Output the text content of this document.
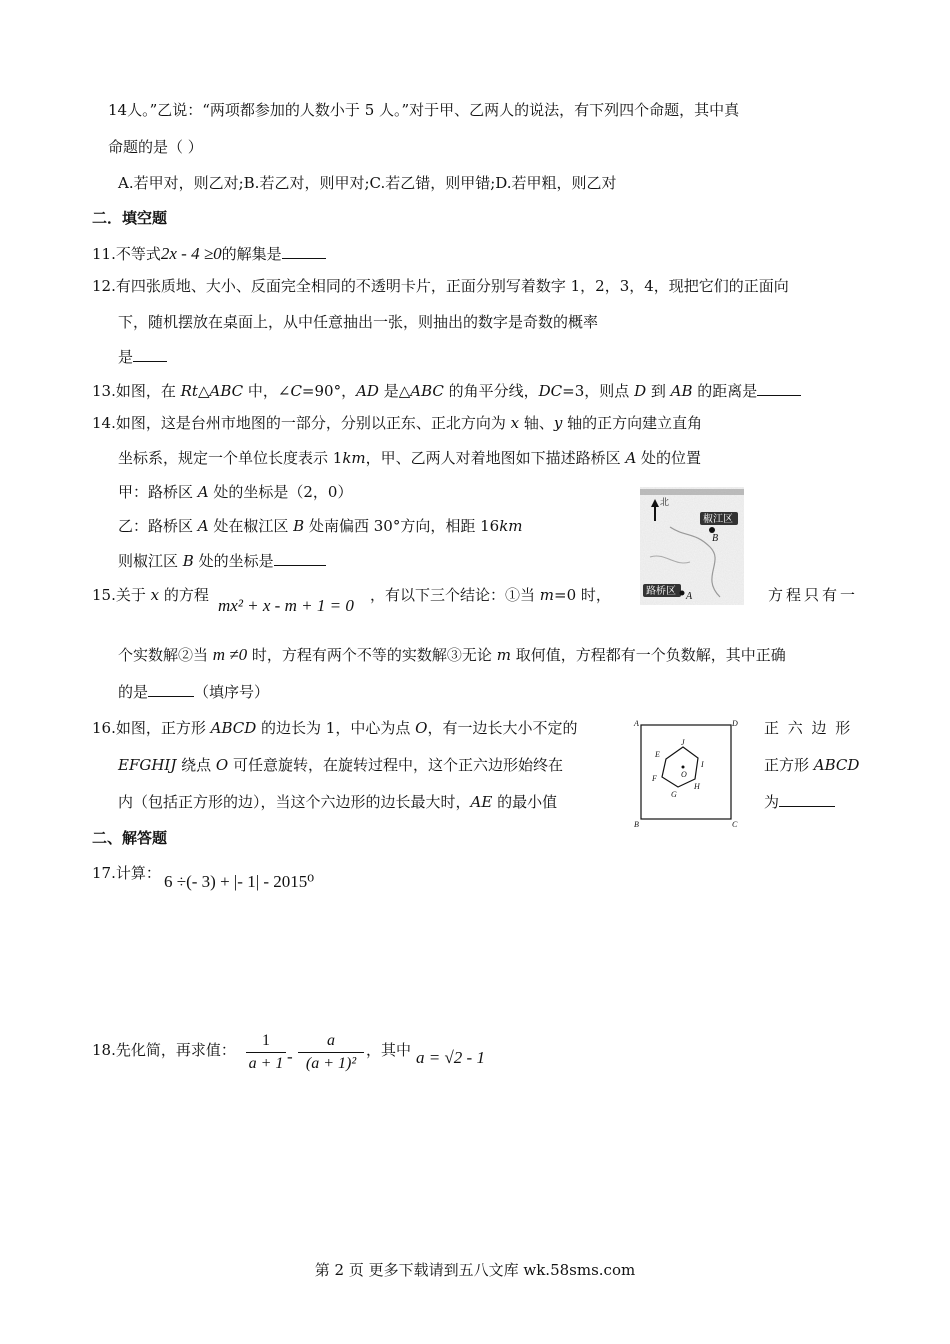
14人。”乙说：“两项都参加的人数小于 5 人。”对于甲、乙两人的说法，有下列四个命题，其中真
命题的是（ ）
A.若甲对，则乙对;B.若乙对，则甲对;C.若乙错，则甲错;D.若甲粗，则乙对
二．填空题
11.不等式2x - 4 ≥0的解集是
12.有四张质地、大小、反面完全相同的不透明卡片，正面分别写着数字 1，2，3，4，现把它们的正面向
下，随机摆放在桌面上，从中任意抽出一张，则抽出的数字是奇数的概率
是
13.如图，在 Rt△ABC 中，∠C=90°，AD 是△ABC 的角平分线，DC=3，则点 D 到 AB 的距离是
14.如图，这是台州市地图的一部分，分别以正东、正北方向为 x 轴、y 轴的正方向建立直角
坐标系，规定一个单位长度表示 1km，甲、乙两人对着地图如下描述路桥区 A 处的位置
甲：路桥区 A 处的坐标是（2，0）
乙：路桥区 A 处在椒江区 B 处南偏西 30°方向，相距 16km
则椒江区 B 处的坐标是
北
椒江区
B
路桥区 A
15.关于 x 的方程
mx² + x - m + 1 = 0
，有以下三个结论：①当 m=0 时，	方程只有一
个实数解②当 m ≠0 时，方程有两个不等的实数解③无论 m 取何值，方程都有一个负数解，其中正确
的是	（填序号）
16.如图，正方形 ABCD 的边长为 1，中心为点 O，有一边长大小不定的	正 六 边 形
EFGHIJ 绕点 O 可任意旋转，在旋转过程中，这个正六边形始终在	正方形 ABCD
内（包括正方形的边），当这个六边形的边长最大时，AE 的最小值	为
A
B	C
D
E
F
G
H
I
J
O
二、解答题
17.计算： 6 ÷(- 3) + |- 1| - 2015⁰
18.先化简，再求值： $\frac{1}{a + 1} - \frac{a}{\text{(a + 1)²}}$ ，其中 a = √2 - 1
第 2 页 更多下载请到五八文库 wk.58sms.com
